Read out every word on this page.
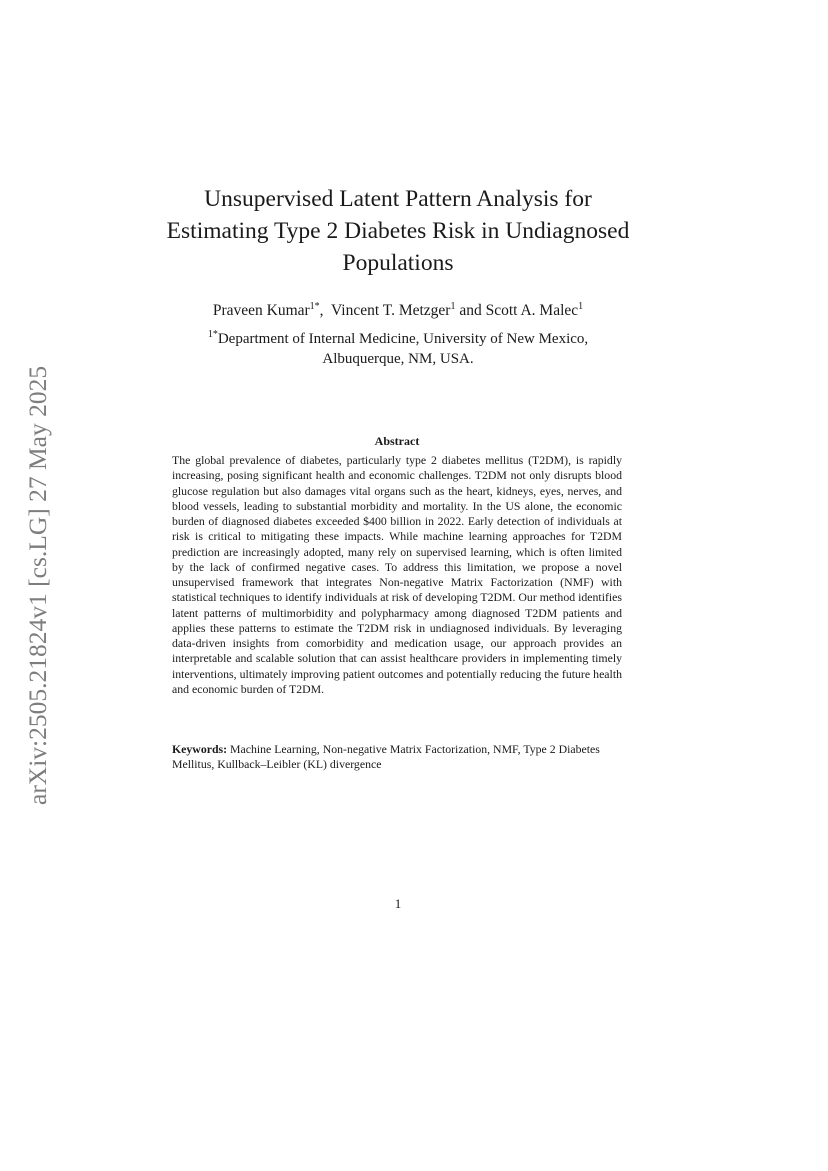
arXiv:2505.21824v1 [cs.LG] 27 May 2025
Unsupervised Latent Pattern Analysis for
Estimating Type 2 Diabetes Risk in Undiagnosed
Populations
Praveen Kumar$^{1*}$,  Vincent T. Metzger$^1$ and Scott A. Malec$^1$
$^{1*}$Department of Internal Medicine, University of New Mexico,
Albuquerque, NM, USA.
Abstract
The global prevalence of diabetes, particularly type 2 diabetes mellitus (T2DM), is rapidly increasing, posing significant health and economic challenges. T2DM not only disrupts blood glucose regulation but also damages vital organs such as the heart, kidneys, eyes, nerves, and blood vessels, leading to substantial morbidity and mortality. In the US alone, the economic burden of diagnosed diabetes exceeded $400 billion in 2022. Early detection of individuals at risk is critical to mitigating these impacts. While machine learning approaches for T2DM prediction are increasingly adopted, many rely on supervised learning, which is often limited by the lack of confirmed negative cases. To address this limitation, we propose a novel unsupervised framework that integrates Non-negative Matrix Factorization (NMF) with statistical techniques to identify individuals at risk of developing T2DM. Our method identifies latent patterns of multimorbidity and polypharmacy among diagnosed T2DM patients and applies these patterns to estimate the T2DM risk in undiagnosed individuals. By leveraging data-driven insights from comorbidity and medication usage, our approach provides an interpretable and scalable solution that can assist healthcare providers in implementing timely interventions, ultimately improving patient outcomes and potentially reducing the future health and economic burden of T2DM.
Keywords: Machine Learning, Non-negative Matrix Factorization, NMF, Type 2 Diabetes Mellitus, Kullback–Leibler (KL) divergence
1
